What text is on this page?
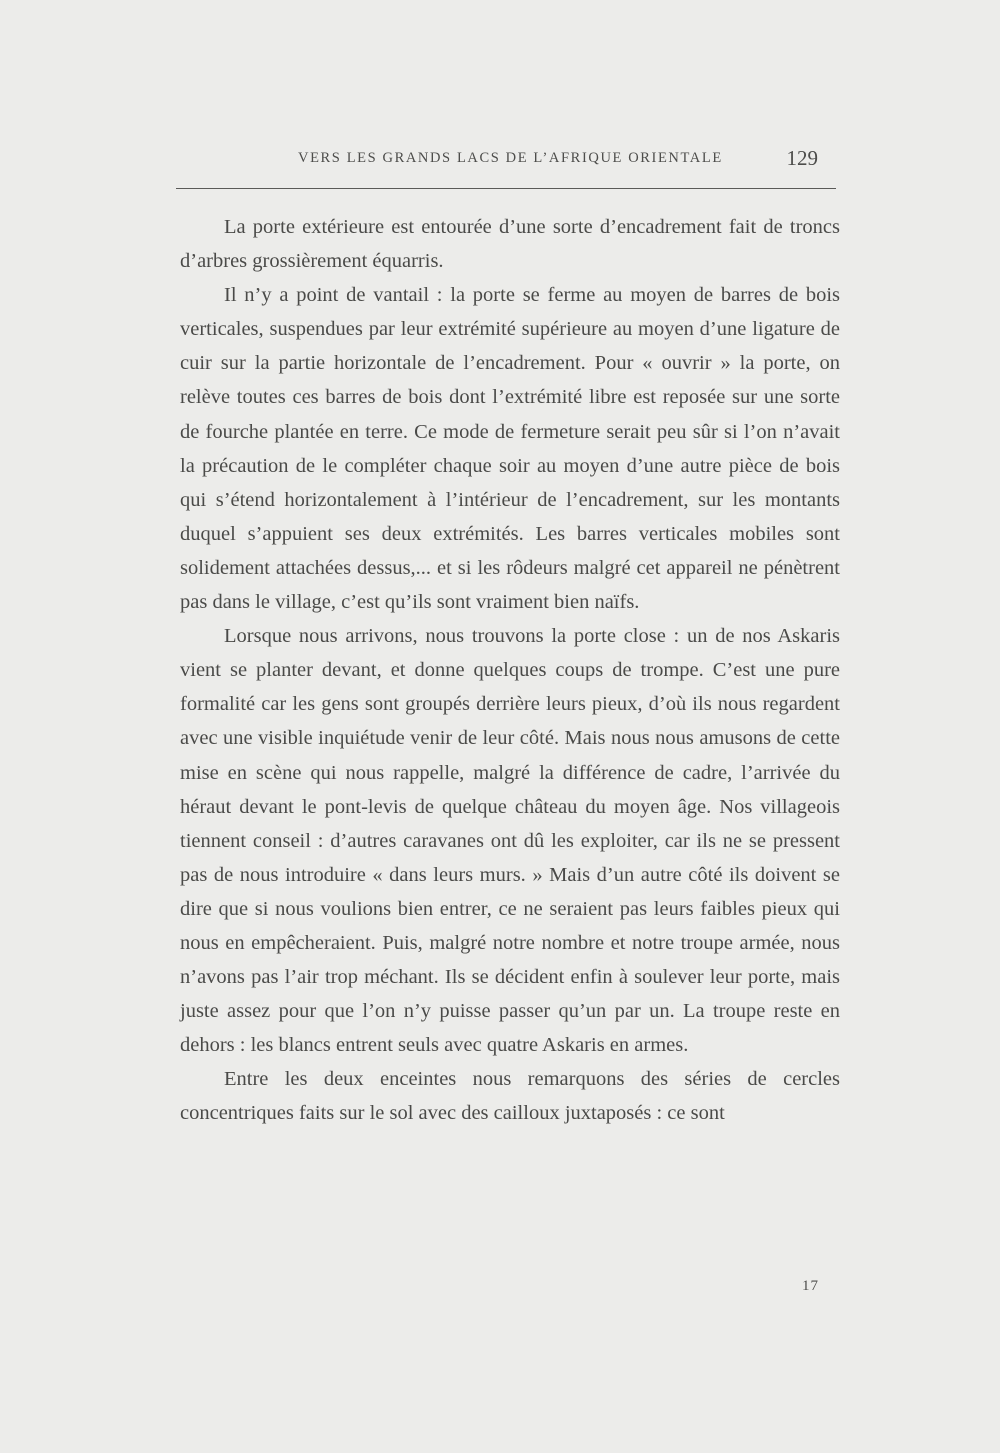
VERS LES GRANDS LACS DE L’AFRIQUE ORIENTALE	129

La porte extérieure est entourée d’une sorte d’encadrement fait de troncs d’arbres grossièrement équarris.

Il n’y a point de vantail : la porte se ferme au moyen de barres de bois verticales, suspendues par leur extrémité supérieure au moyen d’une ligature de cuir sur la partie horizontale de l’encadrement. Pour « ouvrir » la porte, on relève toutes ces barres de bois dont l’extrémité libre est reposée sur une sorte de fourche plantée en terre. Ce mode de fermeture serait peu sûr si l’on n’avait la précaution de le compléter chaque soir au moyen d’une autre pièce de bois qui s’étend horizontalement à l’intérieur de l’encadrement, sur les montants duquel s’appuient ses deux extrémités. Les barres verticales mobiles sont solidement attachées dessus,... et si les rôdeurs malgré cet appareil ne pénètrent pas dans le village, c’est qu’ils sont vraiment bien naïfs.

Lorsque nous arrivons, nous trouvons la porte close : un de nos Askaris vient se planter devant, et donne quelques coups de trompe. C’est une pure formalité car les gens sont groupés derrière leurs pieux, d’où ils nous regardent avec une visible inquiétude venir de leur côté. Mais nous nous amusons de cette mise en scène qui nous rappelle, malgré la différence de cadre, l’arrivée du héraut devant le pont-levis de quelque château du moyen âge. Nos villageois tiennent conseil : d’autres caravanes ont dû les exploiter, car ils ne se pressent pas de nous introduire « dans leurs murs. » Mais d’un autre côté ils doivent se dire que si nous voulions bien entrer, ce ne seraient pas leurs faibles pieux qui nous en empêcheraient. Puis, malgré notre nombre et notre troupe armée, nous n’avons pas l’air trop méchant. Ils se décident enfin à soulever leur porte, mais juste assez pour que l’on n’y puisse passer qu’un par un. La troupe reste en dehors : les blancs entrent seuls avec quatre Askaris en armes.

Entre les deux enceintes nous remarquons des séries de cercles concentriques faits sur le sol avec des cailloux juxtaposés : ce sont

17
